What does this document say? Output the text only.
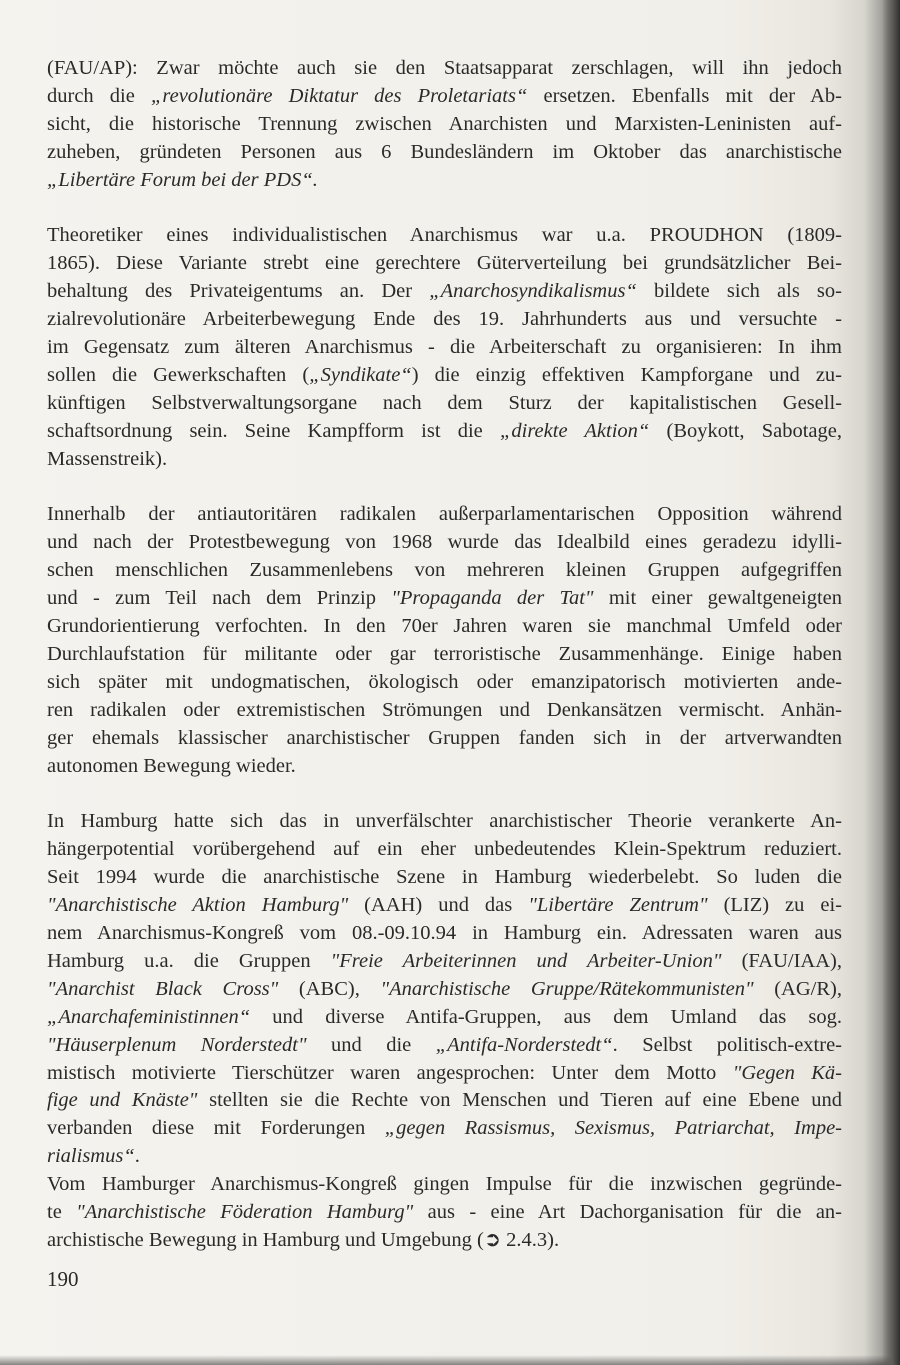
(FAU/AP): Zwar möchte auch sie den Staatsapparat zerschlagen, will ihn jedoch
durch die „revolutionäre Diktatur des Proletariats“ ersetzen. Ebenfalls mit der Ab-
sicht, die historische Trennung zwischen Anarchisten und Marxisten-Leninisten auf-
zuheben, gründeten Personen aus 6 Bundesländern im Oktober das anarchistische
„Libertäre Forum bei der PDS“.
Theoretiker eines individualistischen Anarchismus war u.a. PROUDHON (1809-
1865). Diese Variante strebt eine gerechtere Güterverteilung bei grundsätzlicher Bei-
behaltung des Privateigentums an. Der „Anarchosyndikalismus“ bildete sich als so-
zialrevolutionäre Arbeiterbewegung Ende des 19. Jahrhunderts aus und versuchte -
im Gegensatz zum älteren Anarchismus - die Arbeiterschaft zu organisieren: In ihm
sollen die Gewerkschaften („Syndikate“) die einzig effektiven Kampforgane und zu-
künftigen Selbstverwaltungsorgane nach dem Sturz der kapitalistischen Gesell-
schaftsordnung sein. Seine Kampfform ist die „direkte Aktion“ (Boykott, Sabotage,
Massenstreik).
Innerhalb der antiautoritären radikalen außerparlamentarischen Opposition während
und nach der Protestbewegung von 1968 wurde das Idealbild eines geradezu idylli-
schen menschlichen Zusammenlebens von mehreren kleinen Gruppen aufgegriffen
und - zum Teil nach dem Prinzip "Propaganda der Tat" mit einer gewaltgeneigten
Grundorientierung verfochten. In den 70er Jahren waren sie manchmal Umfeld oder
Durchlaufstation für militante oder gar terroristische Zusammenhänge. Einige haben
sich später mit undogmatischen, ökologisch oder emanzipatorisch motivierten ande-
ren radikalen oder extremistischen Strömungen und Denkansätzen vermischt. Anhän-
ger ehemals klassischer anarchistischer Gruppen fanden sich in der artverwandten
autonomen Bewegung wieder.
In Hamburg hatte sich das in unverfälschter anarchistischer Theorie verankerte An-
hängerpotential vorübergehend auf ein eher unbedeutendes Klein-Spektrum reduziert.
Seit 1994 wurde die anarchistische Szene in Hamburg wiederbelebt. So luden die
"Anarchistische Aktion Hamburg" (AAH) und das "Libertäre Zentrum" (LIZ) zu ei-
nem Anarchismus-Kongreß vom 08.-09.10.94 in Hamburg ein. Adressaten waren aus
Hamburg u.a. die Gruppen "Freie Arbeiterinnen und Arbeiter-Union" (FAU/IAA),
"Anarchist Black Cross" (ABC), "Anarchistische Gruppe/Rätekommunisten" (AG/R),
„Anarchafeministinnen“ und diverse Antifa-Gruppen, aus dem Umland das sog.
"Häuserplenum Norderstedt" und die „Antifa-Norderstedt“. Selbst politisch-extre-
mistisch motivierte Tierschützer waren angesprochen: Unter dem Motto "Gegen Kä-
fige und Knäste" stellten sie die Rechte von Menschen und Tieren auf eine Ebene und
verbanden diese mit Forderungen „gegen Rassismus, Sexismus, Patriarchat, Impe-
rialismus“.
Vom Hamburger Anarchismus-Kongreß gingen Impulse für die inzwischen gegründe-
te "Anarchistische Föderation Hamburg" aus - eine Art Dachorganisation für die an-
archistische Bewegung in Hamburg und Umgebung (➲ 2.4.3).
190
